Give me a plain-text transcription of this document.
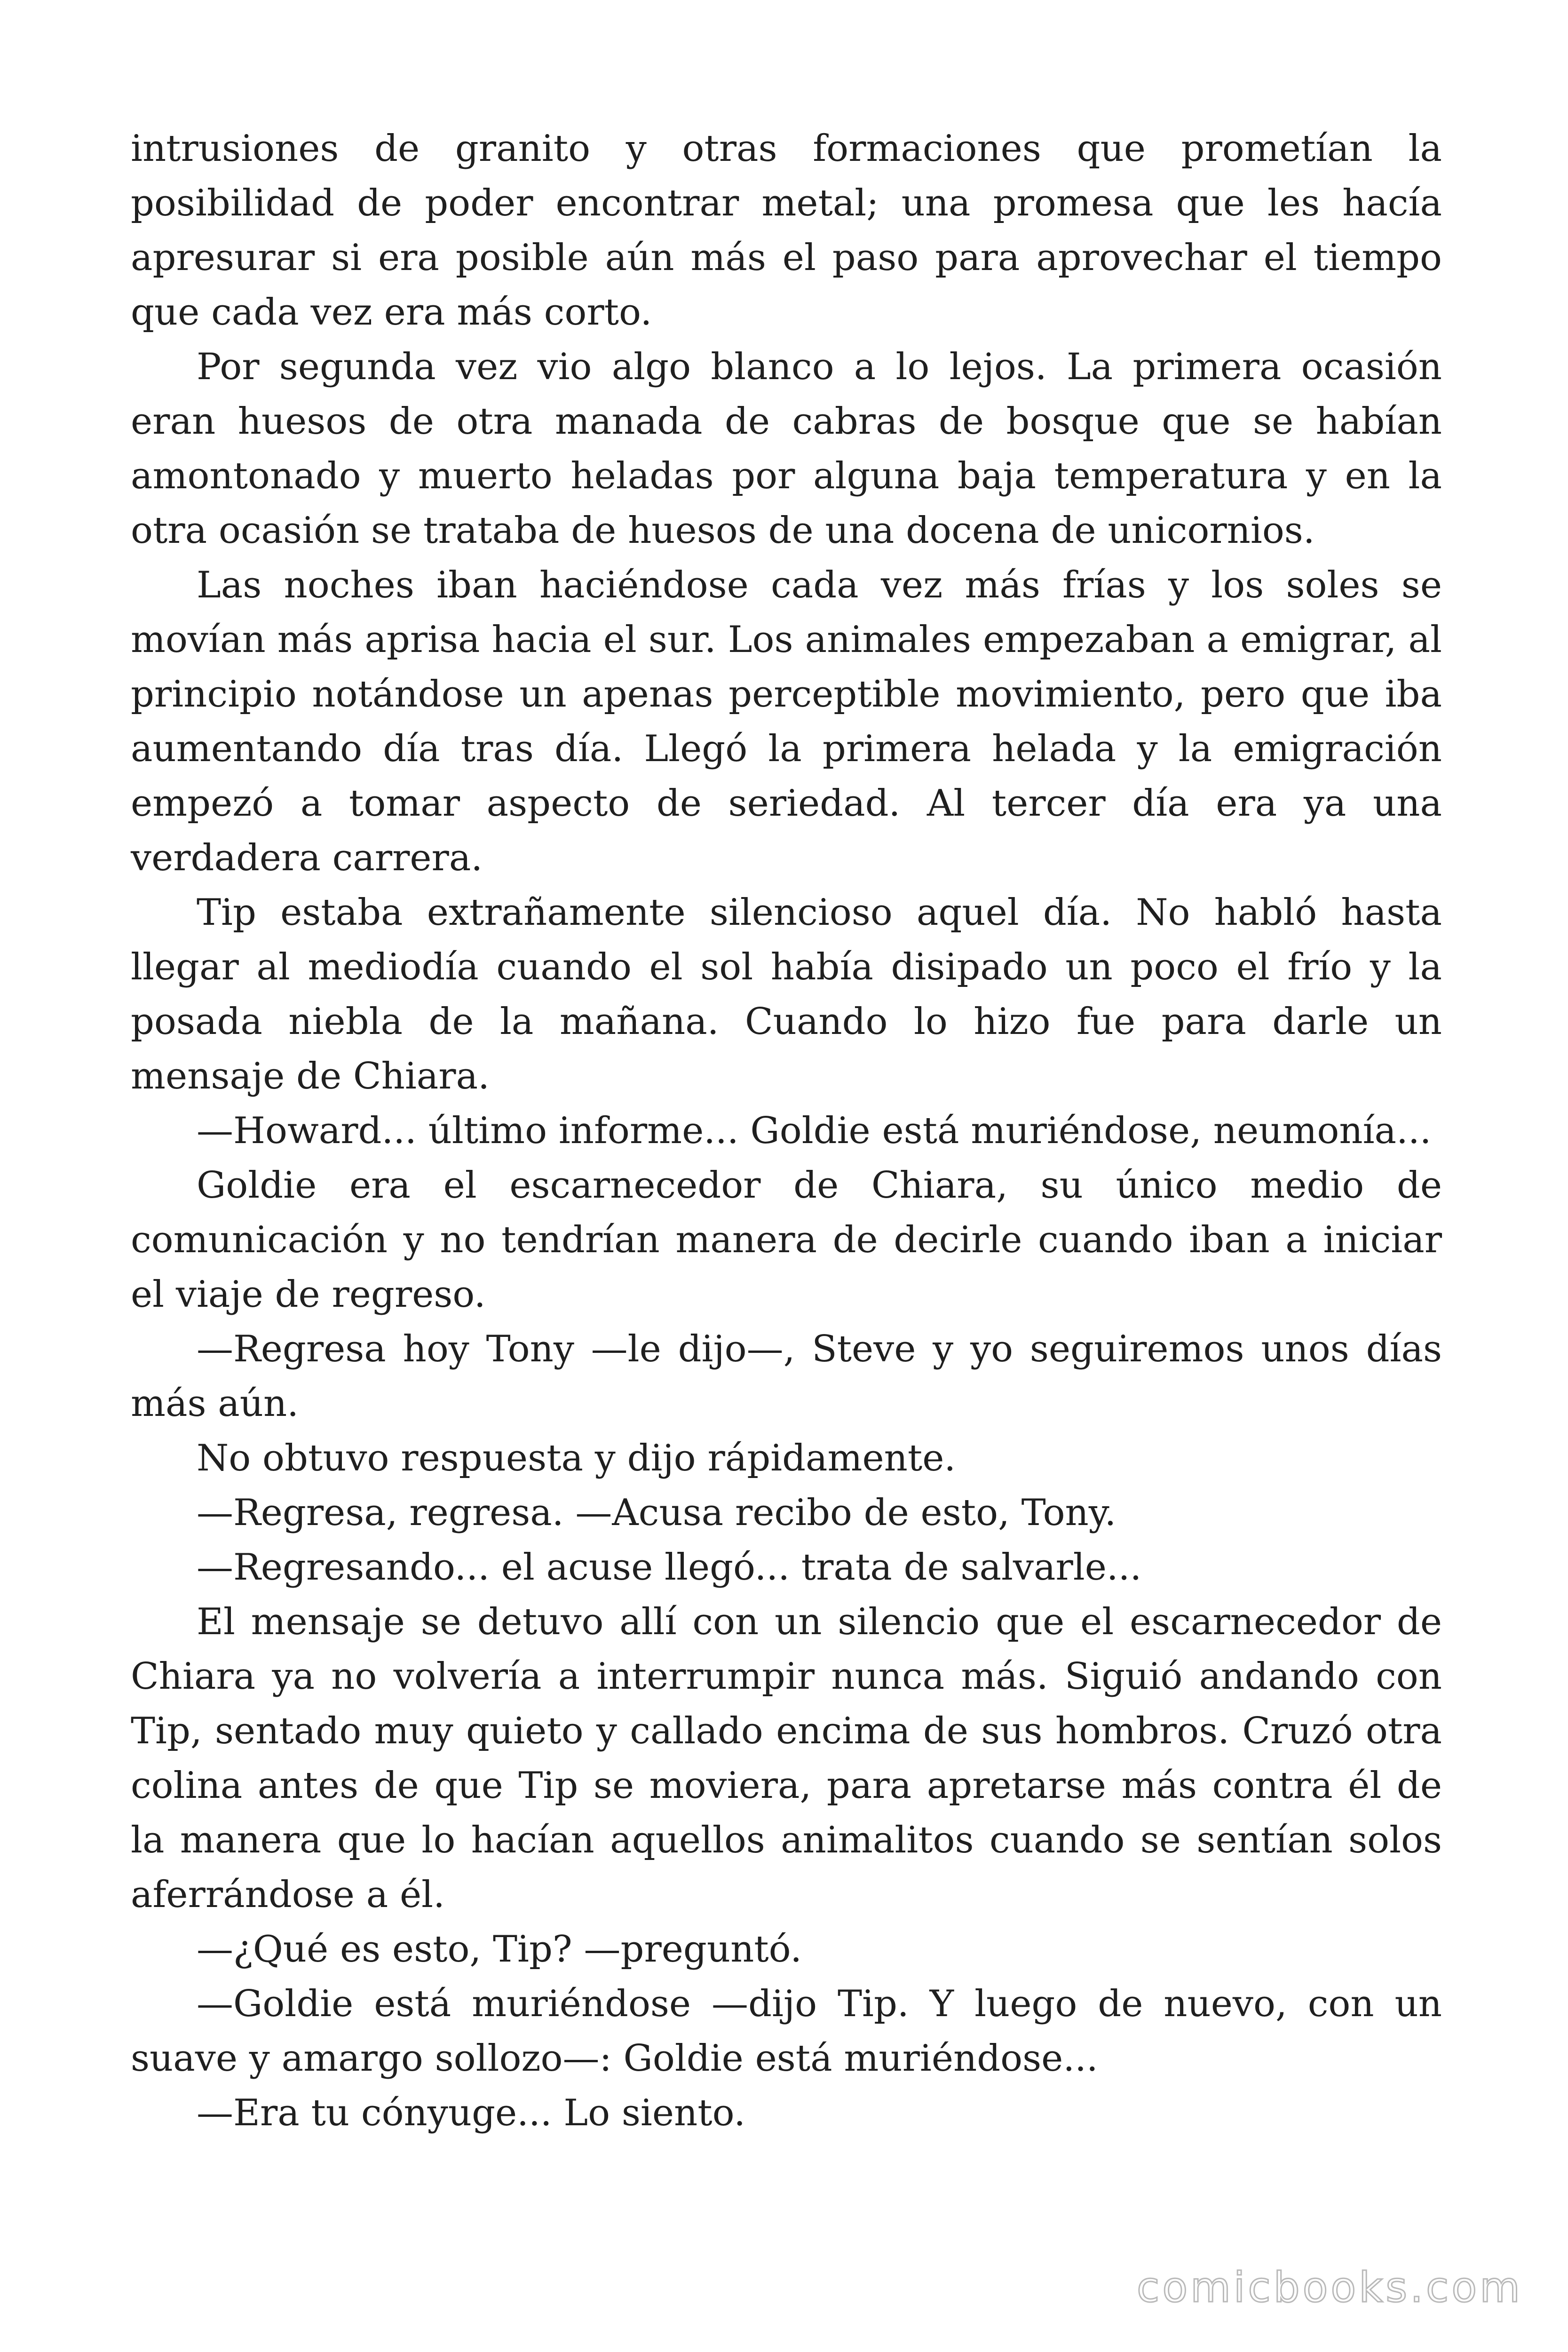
intrusiones de granito y otras formaciones que prometían la posibilidad de poder encontrar metal; una promesa que les hacía apresurar si era posible aún más el paso para aprovechar el tiempo que cada vez era más corto.

Por segunda vez vio algo blanco a lo lejos. La primera ocasión eran huesos de otra manada de cabras de bosque que se habían amontonado y muerto heladas por alguna baja temperatura y en la otra ocasión se trataba de huesos de una docena de unicornios.

Las noches iban haciéndose cada vez más frías y los soles se movían más aprisa hacia el sur. Los animales empezaban a emigrar, al principio notándose un apenas perceptible movimiento, pero que iba aumentando día tras día. Llegó la primera helada y la emigración empezó a tomar aspecto de seriedad. Al tercer día era ya una verdadera carrera.

Tip estaba extrañamente silencioso aquel día. No habló hasta llegar al mediodía cuando el sol había disipado un poco el frío y la posada niebla de la mañana. Cuando lo hizo fue para darle un mensaje de Chiara.

—Howard... último informe... Goldie está muriéndose, neumonía...

Goldie era el escarnecedor de Chiara, su único medio de comunicación y no tendrían manera de decirle cuando iban a iniciar el viaje de regreso.

—Regresa hoy Tony —le dijo—, Steve y yo seguiremos unos días más aún.

No obtuvo respuesta y dijo rápidamente.

—Regresa, regresa. —Acusa recibo de esto, Tony.

—Regresando... el acuse llegó... trata de salvarle...

El mensaje se detuvo allí con un silencio que el escarnecedor de Chiara ya no volvería a interrumpir nunca más. Siguió andando con Tip, sentado muy quieto y callado encima de sus hombros. Cruzó otra colina antes de que Tip se moviera, para apretarse más contra él de la manera que lo hacían aquellos animalitos cuando se sentían solos aferrándose a él.

—¿Qué es esto, Tip? —preguntó.

—Goldie está muriéndose —dijo Tip. Y luego de nuevo, con un suave y amargo sollozo—: Goldie está muriéndose...

—Era tu cónyuge... Lo siento.

comicbooks.com
